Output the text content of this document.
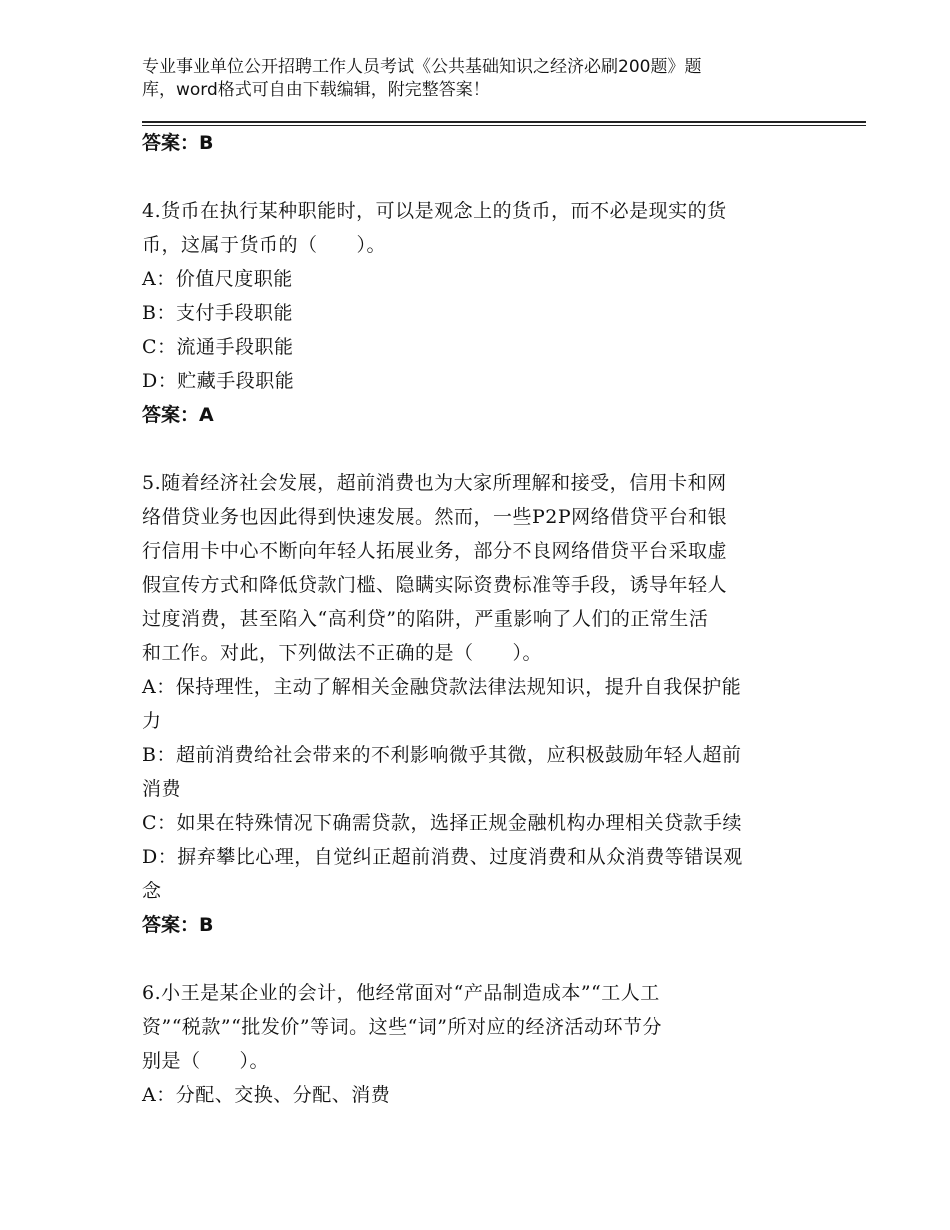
专业事业单位公开招聘工作人员考试《公共基础知识之经济必刷200题》题
库，word格式可自由下载编辑，附完整答案！

答案：B

4.货币在执行某种职能时，可以是观念上的货币，而不必是现实的货

币，这属于货币的（　　）。

A：价值尺度职能

B：支付手段职能

C：流通手段职能

D：贮藏手段职能

答案：A

5.随着经济社会发展，超前消费也为大家所理解和接受，信用卡和网

络借贷业务也因此得到快速发展。然而，一些P2P网络借贷平台和银

行信用卡中心不断向年轻人拓展业务，部分不良网络借贷平台采取虚

假宣传方式和降低贷款门槛、隐瞒实际资费标准等手段，诱导年轻人

过度消费，甚至陷入“高利贷”的陷阱，严重影响了人们的正常生活

和工作。对此，下列做法不正确的是（　　）。

A：保持理性，主动了解相关金融贷款法律法规知识，提升自我保护能

力

B：超前消费给社会带来的不利影响微乎其微，应积极鼓励年轻人超前

消费

C：如果在特殊情况下确需贷款，选择正规金融机构办理相关贷款手续

D：摒弃攀比心理，自觉纠正超前消费、过度消费和从众消费等错误观

念

答案：B

6.小王是某企业的会计，他经常面对“产品制造成本”“工人工

资”“税款”“批发价”等词。这些“词”所对应的经济活动环节分

别是（　　）。

A：分配、交换、分配、消费
